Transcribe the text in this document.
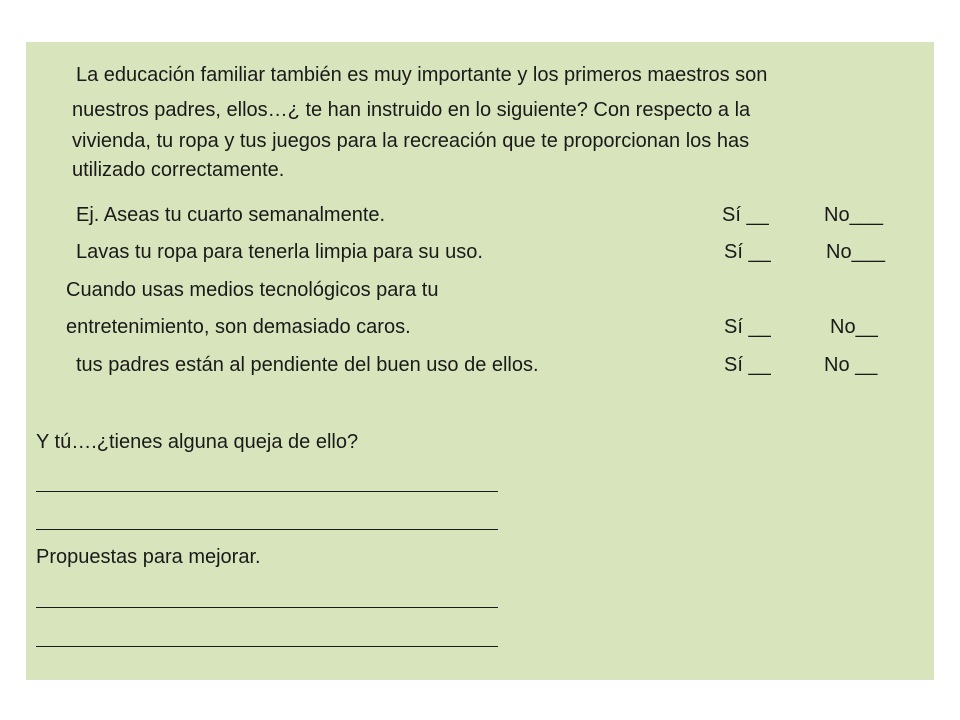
La educación familiar también es muy importante y los primeros maestros son
nuestros padres, ellos…¿ te han instruido en lo siguiente? Con respecto a la
vivienda, tu ropa y tus juegos para la recreación que te proporcionan los has
utilizado correctamente.
Ej. Aseas tu cuarto semanalmente.	Sí __	No___
Lavas tu ropa para tenerla limpia para su uso.	Sí __	No___
Cuando usas medios tecnológicos para tu
entretenimiento, son demasiado caros.	Sí __	No__
tus padres están al pendiente del buen uso de ellos.	Sí __	No __
Y tú….¿tienes alguna queja de ello?
Propuestas para mejorar.
